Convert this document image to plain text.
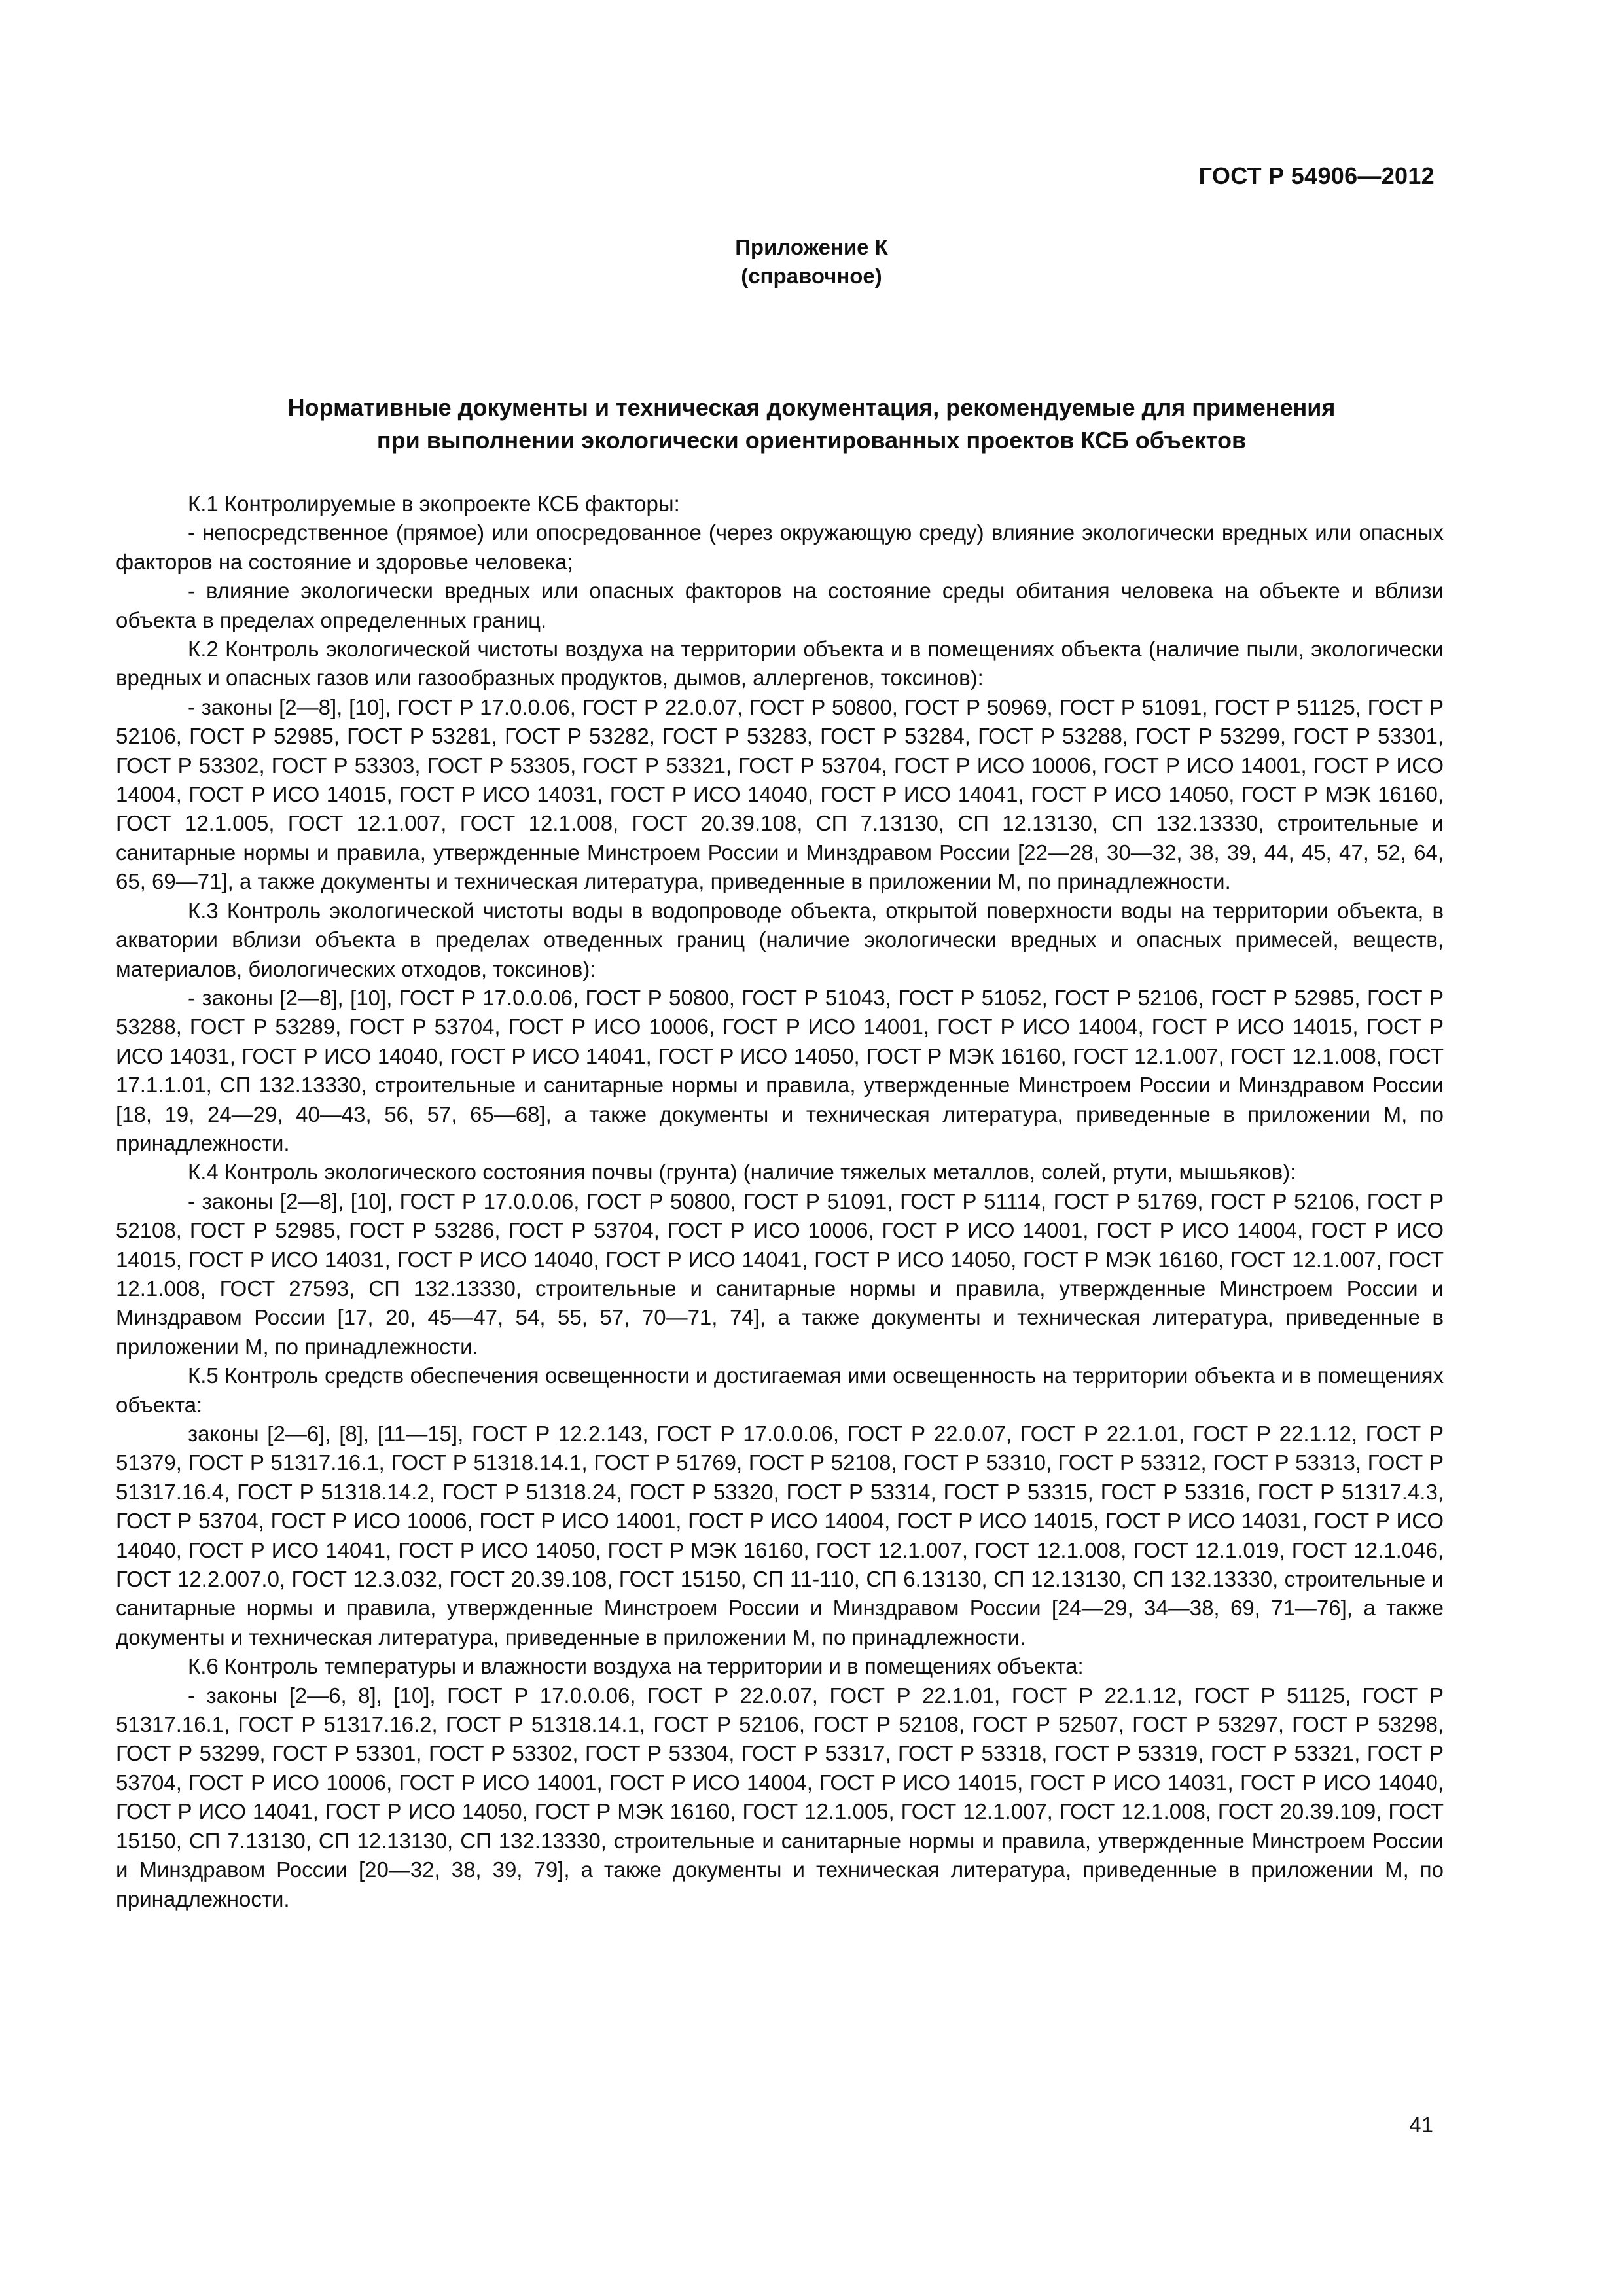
ГОСТ Р 54906—2012
Приложение К
(справочное)
Нормативные документы и техническая документация, рекомендуемые для применения
при выполнении экологически ориентированных проектов КСБ объектов

К.1 Контролируемые в экопроекте КСБ факторы:

- непосредственное (прямое) или опосредованное (через окружающую среду) влияние экологически вредных или опасных факторов на состояние и здоровье человека;

- влияние экологически вредных или опасных факторов на состояние среды обитания человека на объекте и вблизи объекта в пределах определенных границ.

К.2 Контроль экологической чистоты воздуха на территории объекта и в помещениях объекта (наличие пыли, экологически вредных и опасных газов или газообразных продуктов, дымов, аллергенов, токсинов):

- законы [2—8], [10], ГОСТ Р 17.0.0.06, ГОСТ Р 22.0.07, ГОСТ Р 50800, ГОСТ Р 50969, ГОСТ Р 51091, ГОСТ Р 51125, ГОСТ Р 52106, ГОСТ Р 52985, ГОСТ Р 53281, ГОСТ Р 53282, ГОСТ Р 53283, ГОСТ Р 53284, ГОСТ Р 53288, ГОСТ Р 53299, ГОСТ Р 53301, ГОСТ Р 53302, ГОСТ Р 53303, ГОСТ Р 53305, ГОСТ Р 53321, ГОСТ Р 53704, ГОСТ Р ИСО 10006, ГОСТ Р ИСО 14001, ГОСТ Р ИСО 14004, ГОСТ Р ИСО 14015, ГОСТ Р ИСО 14031, ГОСТ Р ИСО 14040, ГОСТ Р ИСО 14041, ГОСТ Р ИСО 14050, ГОСТ Р МЭК 16160, ГОСТ 12.1.005, ГОСТ 12.1.007, ГОСТ 12.1.008, ГОСТ 20.39.108, СП 7.13130, СП 12.13130, СП 132.13330, строительные и санитарные нормы и правила, утвержденные Минстроем России и Минздравом России [22—28, 30—32, 38, 39, 44, 45, 47, 52, 64, 65, 69—71], а также документы и техническая литература, приведенные в приложении М, по принадлежности.

К.3 Контроль экологической чистоты воды в водопроводе объекта, открытой поверхности воды на территории объекта, в акватории вблизи объекта в пределах отведенных границ (наличие экологически вредных и опасных примесей, веществ, материалов, биологических отходов, токсинов):

- законы [2—8], [10], ГОСТ Р 17.0.0.06, ГОСТ Р 50800, ГОСТ Р 51043, ГОСТ Р 51052, ГОСТ Р 52106, ГОСТ Р 52985, ГОСТ Р 53288, ГОСТ Р 53289, ГОСТ Р 53704, ГОСТ Р ИСО 10006, ГОСТ Р ИСО 14001, ГОСТ Р ИСО 14004, ГОСТ Р ИСО 14015, ГОСТ Р ИСО 14031, ГОСТ Р ИСО 14040, ГОСТ Р ИСО 14041, ГОСТ Р ИСО 14050, ГОСТ Р МЭК 16160, ГОСТ 12.1.007, ГОСТ 12.1.008, ГОСТ 17.1.1.01, СП 132.13330, строительные и санитарные нормы и правила, утвержденные Минстроем России и Минздравом России [18, 19, 24—29, 40—43, 56, 57, 65—68], а также документы и техническая литература, приведенные в приложении М, по принадлежности.

К.4 Контроль экологического состояния почвы (грунта) (наличие тяжелых металлов, солей, ртути, мышьяков):

- законы [2—8], [10], ГОСТ Р 17.0.0.06, ГОСТ Р 50800, ГОСТ Р 51091, ГОСТ Р 51114, ГОСТ Р 51769, ГОСТ Р 52106, ГОСТ Р 52108, ГОСТ Р 52985, ГОСТ Р 53286, ГОСТ Р 53704, ГОСТ Р ИСО 10006, ГОСТ Р ИСО 14001, ГОСТ Р ИСО 14004, ГОСТ Р ИСО 14015, ГОСТ Р ИСО 14031, ГОСТ Р ИСО 14040, ГОСТ Р ИСО 14041, ГОСТ Р ИСО 14050, ГОСТ Р МЭК 16160, ГОСТ 12.1.007, ГОСТ 12.1.008, ГОСТ 27593, СП 132.13330, строительные и санитарные нормы и правила, утвержденные Минстроем России и Минздравом России [17, 20, 45—47, 54, 55, 57, 70—71, 74], а также документы и техническая литература, приведенные в приложении М, по принадлежности.

К.5 Контроль средств обеспечения освещенности и достигаемая ими освещенность на территории объекта и в помещениях объекта:

законы [2—6], [8], [11—15], ГОСТ Р 12.2.143, ГОСТ Р 17.0.0.06, ГОСТ Р 22.0.07, ГОСТ Р 22.1.01, ГОСТ Р 22.1.12, ГОСТ Р 51379, ГОСТ Р 51317.16.1, ГОСТ Р 51318.14.1, ГОСТ Р 51769, ГОСТ Р 52108, ГОСТ Р 53310, ГОСТ Р 53312, ГОСТ Р 53313, ГОСТ Р 51317.16.4, ГОСТ Р 51318.14.2, ГОСТ Р 51318.24, ГОСТ Р 53320, ГОСТ Р 53314, ГОСТ Р 53315, ГОСТ Р 53316, ГОСТ Р 51317.4.3, ГОСТ Р 53704, ГОСТ Р ИСО 10006, ГОСТ Р ИСО 14001, ГОСТ Р ИСО 14004, ГОСТ Р ИСО 14015, ГОСТ Р ИСО 14031, ГОСТ Р ИСО 14040, ГОСТ Р ИСО 14041, ГОСТ Р ИСО 14050, ГОСТ Р МЭК 16160, ГОСТ 12.1.007, ГОСТ 12.1.008, ГОСТ 12.1.019, ГОСТ 12.1.046, ГОСТ 12.2.007.0, ГОСТ 12.3.032, ГОСТ 20.39.108, ГОСТ 15150, СП 11-110, СП 6.13130, СП 12.13130, СП 132.13330, строительные и санитарные нормы и правила, утвержденные Минстроем России и Минздравом России [24—29, 34—38, 69, 71—76], а также документы и техническая литература, приведенные в приложении М, по принадлежности.

К.6 Контроль температуры и влажности воздуха на территории и в помещениях объекта:

- законы [2—6, 8], [10], ГОСТ Р 17.0.0.06, ГОСТ Р 22.0.07, ГОСТ Р 22.1.01, ГОСТ Р 22.1.12, ГОСТ Р 51125, ГОСТ Р 51317.16.1, ГОСТ Р 51317.16.2, ГОСТ Р 51318.14.1, ГОСТ Р 52106, ГОСТ Р 52108, ГОСТ Р 52507, ГОСТ Р 53297, ГОСТ Р 53298, ГОСТ Р 53299, ГОСТ Р 53301, ГОСТ Р 53302, ГОСТ Р 53304, ГОСТ Р 53317, ГОСТ Р 53318, ГОСТ Р 53319, ГОСТ Р 53321, ГОСТ Р 53704, ГОСТ Р ИСО 10006, ГОСТ Р ИСО 14001, ГОСТ Р ИСО 14004, ГОСТ Р ИСО 14015, ГОСТ Р ИСО 14031, ГОСТ Р ИСО 14040, ГОСТ Р ИСО 14041, ГОСТ Р ИСО 14050, ГОСТ Р МЭК 16160, ГОСТ 12.1.005, ГОСТ 12.1.007, ГОСТ 12.1.008, ГОСТ 20.39.109, ГОСТ 15150, СП 7.13130, СП 12.13130, СП 132.13330, строительные и санитарные нормы и правила, утвержденные Минстроем России и Минздравом России [20—32, 38, 39, 79], а также документы и техническая литература, приведенные в приложении М, по принадлежности.

41
